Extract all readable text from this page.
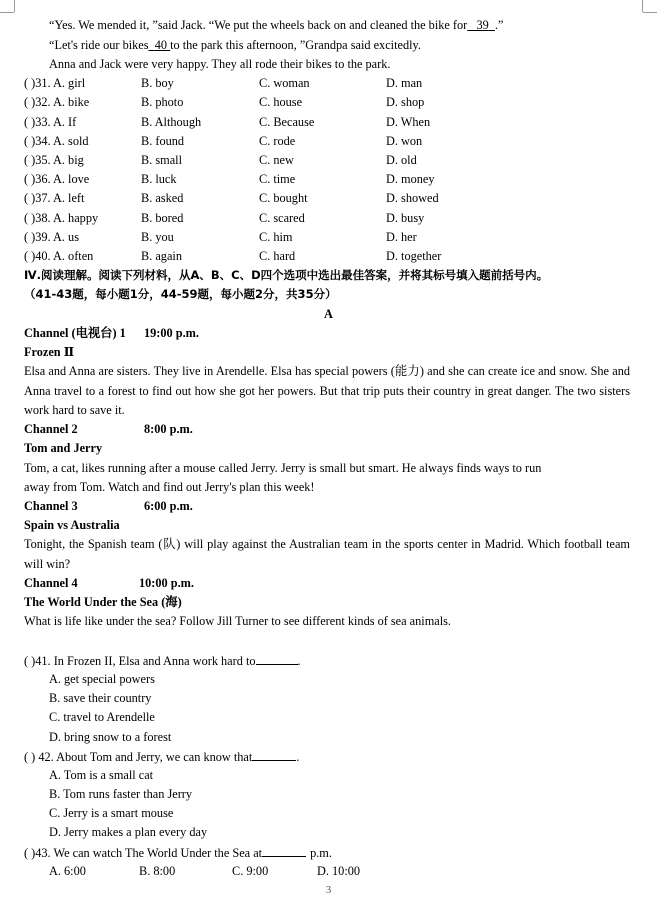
“Yes. We mended it, ”said Jack. “We put the wheels back on and cleaned the bike for 39 .”
“Let's ride our bikes 40 to the park this afternoon, ”Grandpa said excitedly.
Anna and Jack were very happy. They all rode their bikes to the park.
( )31. A. girl	B. boy	C. woman	D. man
( )32. A. bike	B. photo	C. house	D. shop
( )33. A. If	B. Although	C. Because	D. When
( )34. A. sold	B. found	C. rode	D. won
( )35. A. big	B. small	C. new	D. old
( )36. A. love	B. luck	C. time	D. money
( )37. A. left	B. asked	C. bought	D. showed
( )38. A. happy	B. bored	C. scared	D. busy
( )39. A. us	B. you	C. him	D. her
( )40. A. often	B. again	C. hard	D. together
Ⅳ.阅读理解。阅读下列材料，从A、B、C、D四个选项中选出最佳答案，并将其标号填入题前括号内。
（41-43题，每小题1分，44-59题，每小题2分，共35分）
A
Channel (电视台) 1 19:00 p.m.
Frozen Ⅱ
Elsa and Anna are sisters. They live in Arendelle. Elsa has special powers (能力) and she can create ice and snow. She and Anna travel to a forest to find out how she got her powers. But that trip puts their country in great danger. The two sisters work hard to save it.
Channel 2	8:00 p.m.
Tom and Jerry
Tom, a cat, likes running after a mouse called Jerry. Jerry is small but smart. He always finds ways to run
away from Tom. Watch and find out Jerry's plan this week!
Channel 3	6:00 p.m.
Spain vs Australia
Tonight, the Spanish team (队) will play against the Australian team in the sports center in Madrid. Which football team will win?
Channel 4	10:00 p.m.
The World Under the Sea (海)
What is life like under the sea? Follow Jill Turner to see different kinds of sea animals.
( )41. In Frozen II, Elsa and Anna work hard to	.
A. get special powers
B. save their country
C. travel to Arendelle
D. bring snow to a forest
( ) 42. About Tom and Jerry, we can know that	.
A. Tom is a small cat
B. Tom runs faster than Jerry
C. Jerry is a smart mouse
D. Jerry makes a plan every day
( )43. We can watch The World Under the Sea at	p.m.
A. 6:00	B. 8:00	C. 9:00	D. 10:00
3
